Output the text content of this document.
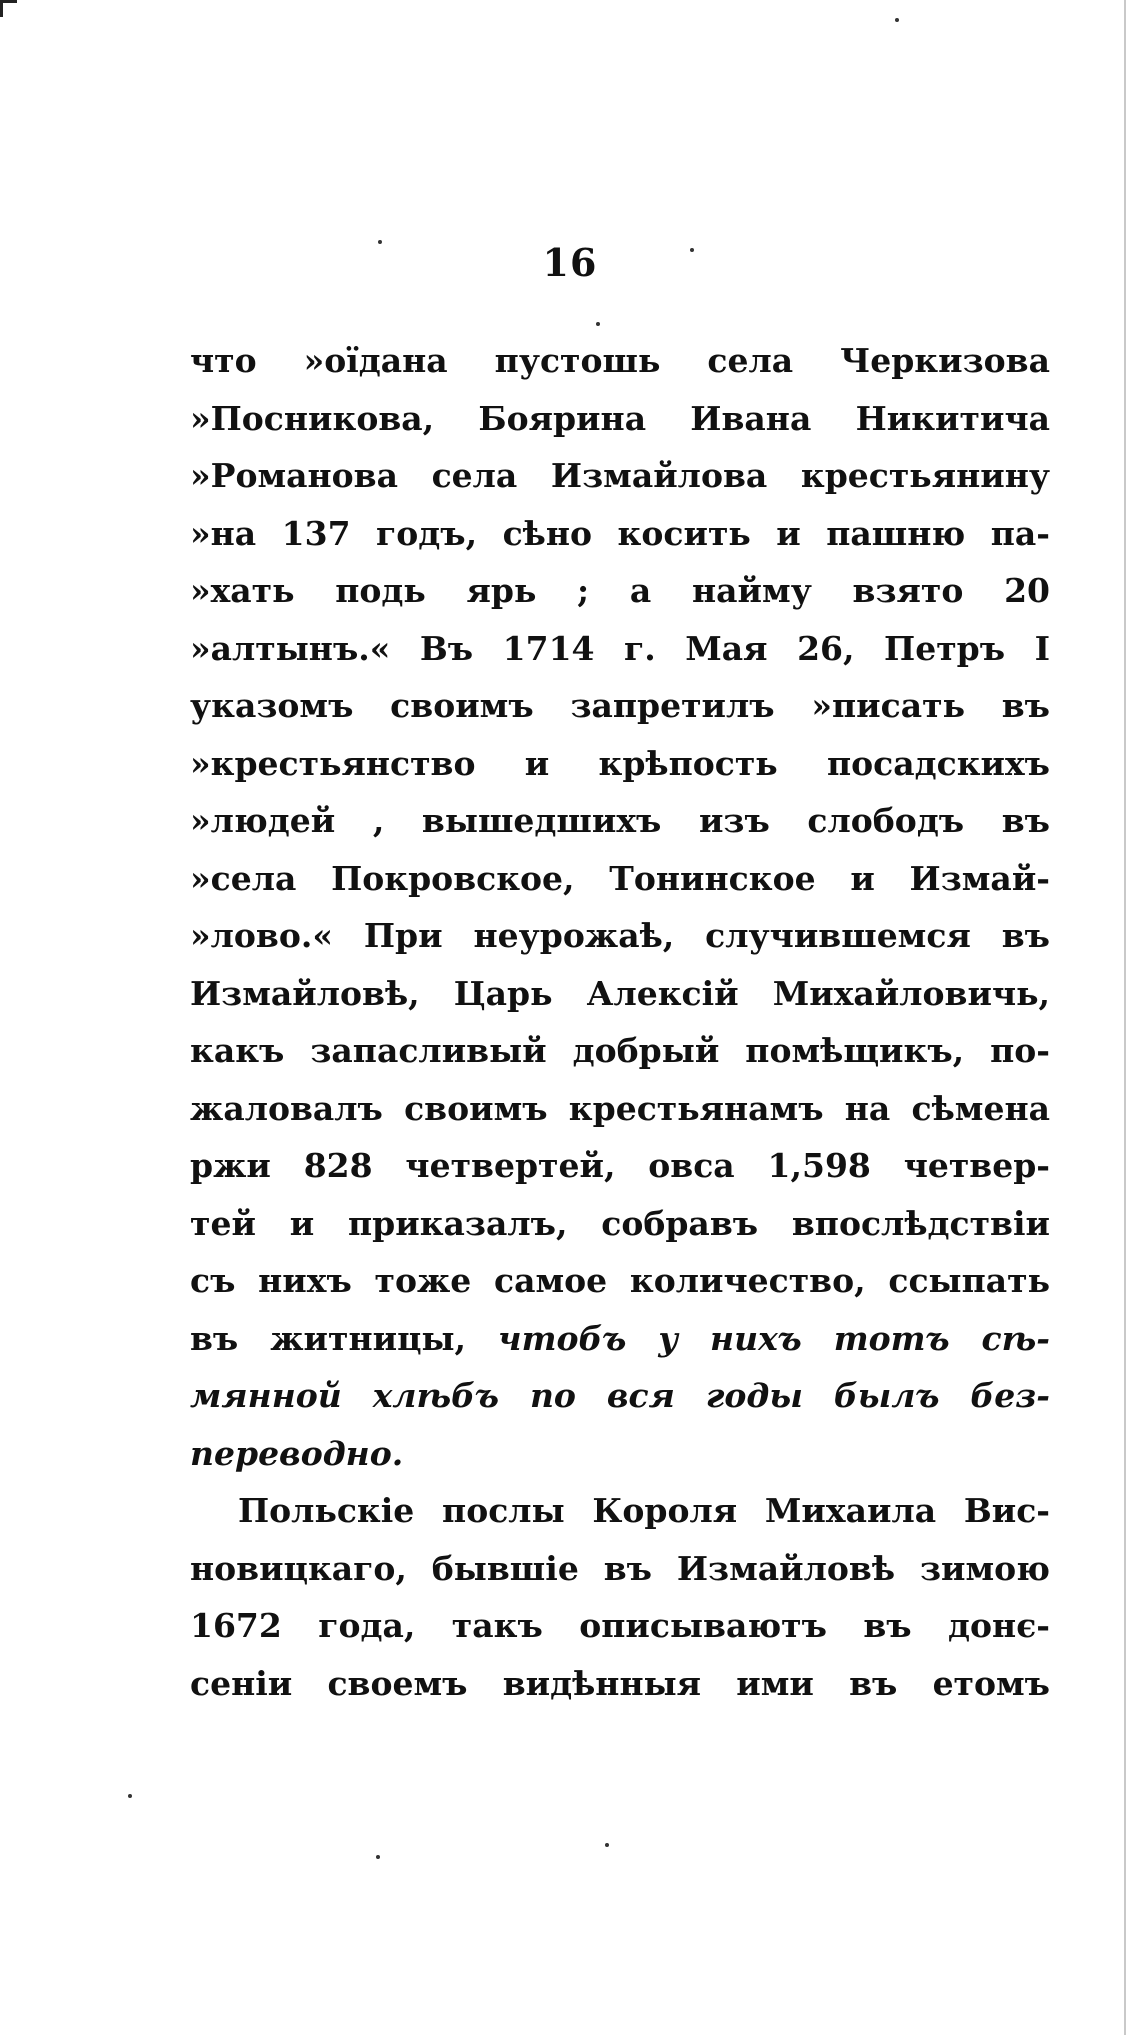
16
что »оїдана пустошь села Черкизова
»Посникова, Боярина Ивана Никитича
»Романова села Измайлова крестьянину
»на 137 годъ, сѣно косить и пашню па-
»хать подь ярь ; а найму взято 20
»алтынъ.« Въ 1714 г. Мая 26, Петръ I
указомъ своимъ запретилъ »писать въ
»крестьянство и крѣпость посадскихъ
»людей , вышедшихъ изъ слободъ въ
»села Покровское, Тонинское и Измай-
»лово.« При неурожаѣ, случившемся въ
Измайловѣ, Царь Алексій Михайловичь,
какъ запасливый добрый помѣщикъ, по-
жаловалъ своимъ крестьянамъ на сѣмена
ржи 828 четвертей, овса 1,598 четвер-
тей и приказалъ, собравъ впослѣдствіи
съ нихъ тоже самое количество, ссыпать
въ житницы, чтобъ у нихъ тотъ сѣ-
мянной хлѣбъ по вся годы былъ без-
переводно.
Польскіе послы Короля Михаила Вис-
новицкаго, бывшіе въ Измайловѣ зимою
1672 года, такъ описываютъ въ донє-
сеніи своемъ видѣнныя ими въ етомъ
